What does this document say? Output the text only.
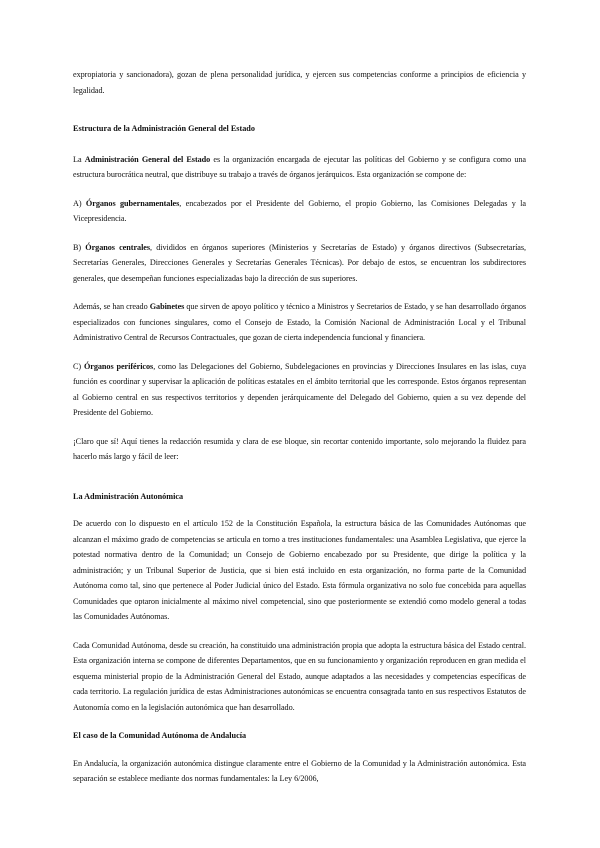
expropiatoria y sancionadora), gozan de plena personalidad jurídica, y ejercen sus competencias conforme a principios de eficiencia y legalidad.

Estructura de la Administración General del Estado

La Administración General del Estado es la organización encargada de ejecutar las políticas del Gobierno y se configura como una estructura burocrática neutral, que distribuye su trabajo a través de órganos jerárquicos. Esta organización se compone de:

A) Órganos gubernamentales, encabezados por el Presidente del Gobierno, el propio Gobierno, las Comisiones Delegadas y la Vicepresidencia.

B) Órganos centrales, divididos en órganos superiores (Ministerios y Secretarías de Estado) y órganos directivos (Subsecretarías, Secretarías Generales, Direcciones Generales y Secretarías Generales Técnicas). Por debajo de estos, se encuentran los subdirectores generales, que desempeñan funciones especializadas bajo la dirección de sus superiores.

Además, se han creado Gabinetes que sirven de apoyo político y técnico a Ministros y Secretarios de Estado, y se han desarrollado órganos especializados con funciones singulares, como el Consejo de Estado, la Comisión Nacional de Administración Local y el Tribunal Administrativo Central de Recursos Contractuales, que gozan de cierta independencia funcional y financiera.

C) Órganos periféricos, como las Delegaciones del Gobierno, Subdelegaciones en provincias y Direcciones Insulares en las islas, cuya función es coordinar y supervisar la aplicación de políticas estatales en el ámbito territorial que les corresponde. Estos órganos representan al Gobierno central en sus respectivos territorios y dependen jerárquicamente del Delegado del Gobierno, quien a su vez depende del Presidente del Gobierno.

¡Claro que sí! Aquí tienes la redacción resumida y clara de ese bloque, sin recortar contenido importante, solo mejorando la fluidez para hacerlo más largo y fácil de leer:

La Administración Autonómica

De acuerdo con lo dispuesto en el artículo 152 de la Constitución Española, la estructura básica de las Comunidades Autónomas que alcanzan el máximo grado de competencias se articula en torno a tres instituciones fundamentales: una Asamblea Legislativa, que ejerce la potestad normativa dentro de la Comunidad; un Consejo de Gobierno encabezado por su Presidente, que dirige la política y la administración; y un Tribunal Superior de Justicia, que si bien está incluido en esta organización, no forma parte de la Comunidad Autónoma como tal, sino que pertenece al Poder Judicial único del Estado. Esta fórmula organizativa no solo fue concebida para aquellas Comunidades que optaron inicialmente al máximo nivel competencial, sino que posteriormente se extendió como modelo general a todas las Comunidades Autónomas.

Cada Comunidad Autónoma, desde su creación, ha constituido una administración propia que adopta la estructura básica del Estado central. Esta organización interna se compone de diferentes Departamentos, que en su funcionamiento y organización reproducen en gran medida el esquema ministerial propio de la Administración General del Estado, aunque adaptados a las necesidades y competencias específicas de cada territorio. La regulación jurídica de estas Administraciones autonómicas se encuentra consagrada tanto en sus respectivos Estatutos de Autonomía como en la legislación autonómica que han desarrollado.

El caso de la Comunidad Autónoma de Andalucía

En Andalucía, la organización autonómica distingue claramente entre el Gobierno de la Comunidad y la Administración autonómica. Esta separación se establece mediante dos normas fundamentales: la Ley 6/2006,
